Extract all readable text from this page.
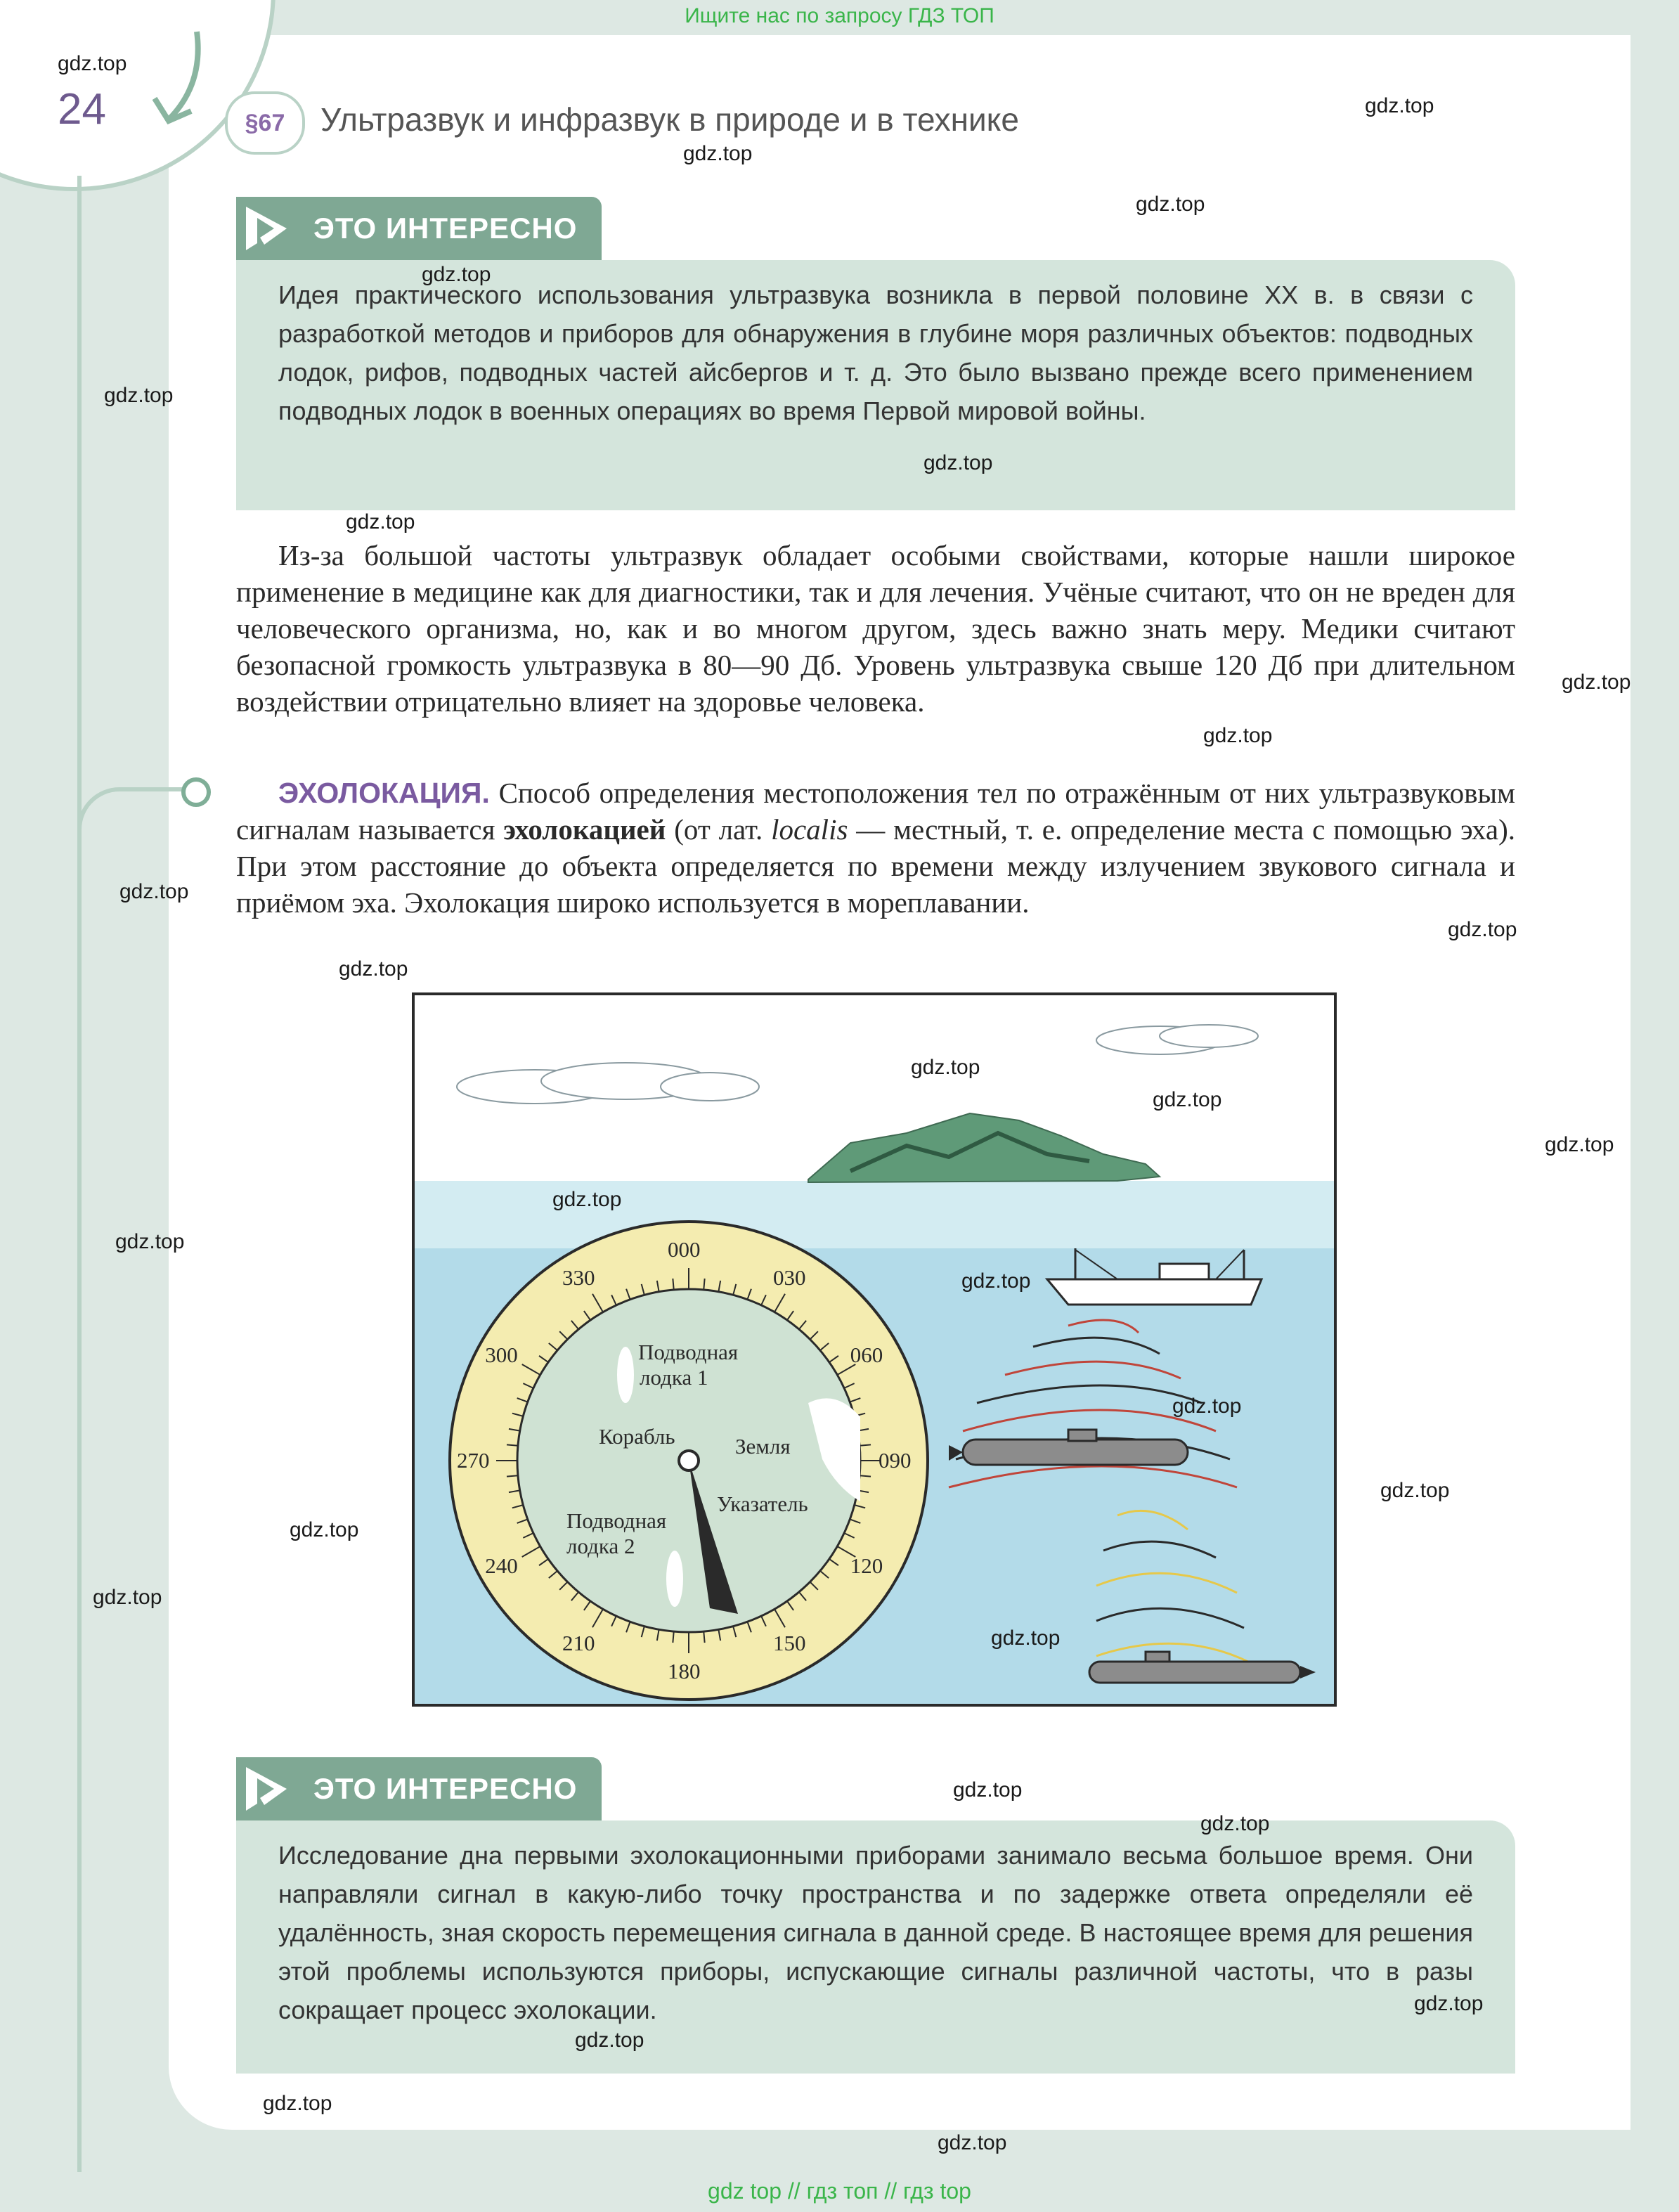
Ищите нас по запросу ГДЗ ТОП
24	§67	Ультразвук и инфразвук в природе и в технике
ЭТО ИНТЕРЕСНО

Идея практического использования ультразвука возникла в первой половине XX в. в связи с разработкой методов и приборов для обнаружения в глубине моря различных объектов: подводных лодок, рифов, подводных частей айсбергов и т. д. Это было вызвано прежде всего применением подводных лодок в военных операциях во время Первой мировой войны.

Из-за большой частоты ультразвук обладает особыми свойствами, которые нашли широкое применение в медицине как для диагностики, так и для лечения. Учёные считают, что он не вреден для человеческого организма, но, как и во многом другом, здесь важно знать меру. Медики считают безопасной громкость ультразвука в 80—90 Дб. Уровень ультразвука свыше 120 Дб при длительном воздействии отрицательно влияет на здоровье человека.

ЭХОЛОКАЦИЯ. Способ определения местоположения тел по отражённым от них ультразвуковым сигналам называется эхолокацией (от лат. localis — местный, т. е. определение места с помощью эха). При этом расстояние до объекта определяется по времени между излучением звукового сигнала и приёмом эха. Эхолокация широко используется в мореплавании.

000
030
060
090
120
150
180
210
240
270
300
330
Подводная
лодка 1
Корабль	Земля
Указатель
Подводная
лодка 2
ЭТО ИНТЕРЕСНО

Исследование дна первыми эхолокационными приборами занимало весьма большое время. Они направляли сигнал в какую-либо точку пространства и по задержке ответа определяли её удалённость, зная скорость перемещения сигнала в данной среде. В настоящее время для решения этой проблемы используются приборы, испускающие сигналы различной частоты, что в разы сокращает процесс эхолокации.

gdz.top
gdz.top
gdz.top
gdz.top
gdz.top
gdz.top
gdz.top
gdz.top
gdz.top
gdz.top
gdz.top
gdz.top
gdz.top
gdz.top
gdz.top
gdz.top
gdz.top
gdz.top
gdz.top
gdz.top
gdz.top
gdz.top
gdz.top
gdz.top
gdz.top
gdz.top
gdz.top
gdz.top
gdz.top
gdz.top
gdz top // гдз топ // гдз top
